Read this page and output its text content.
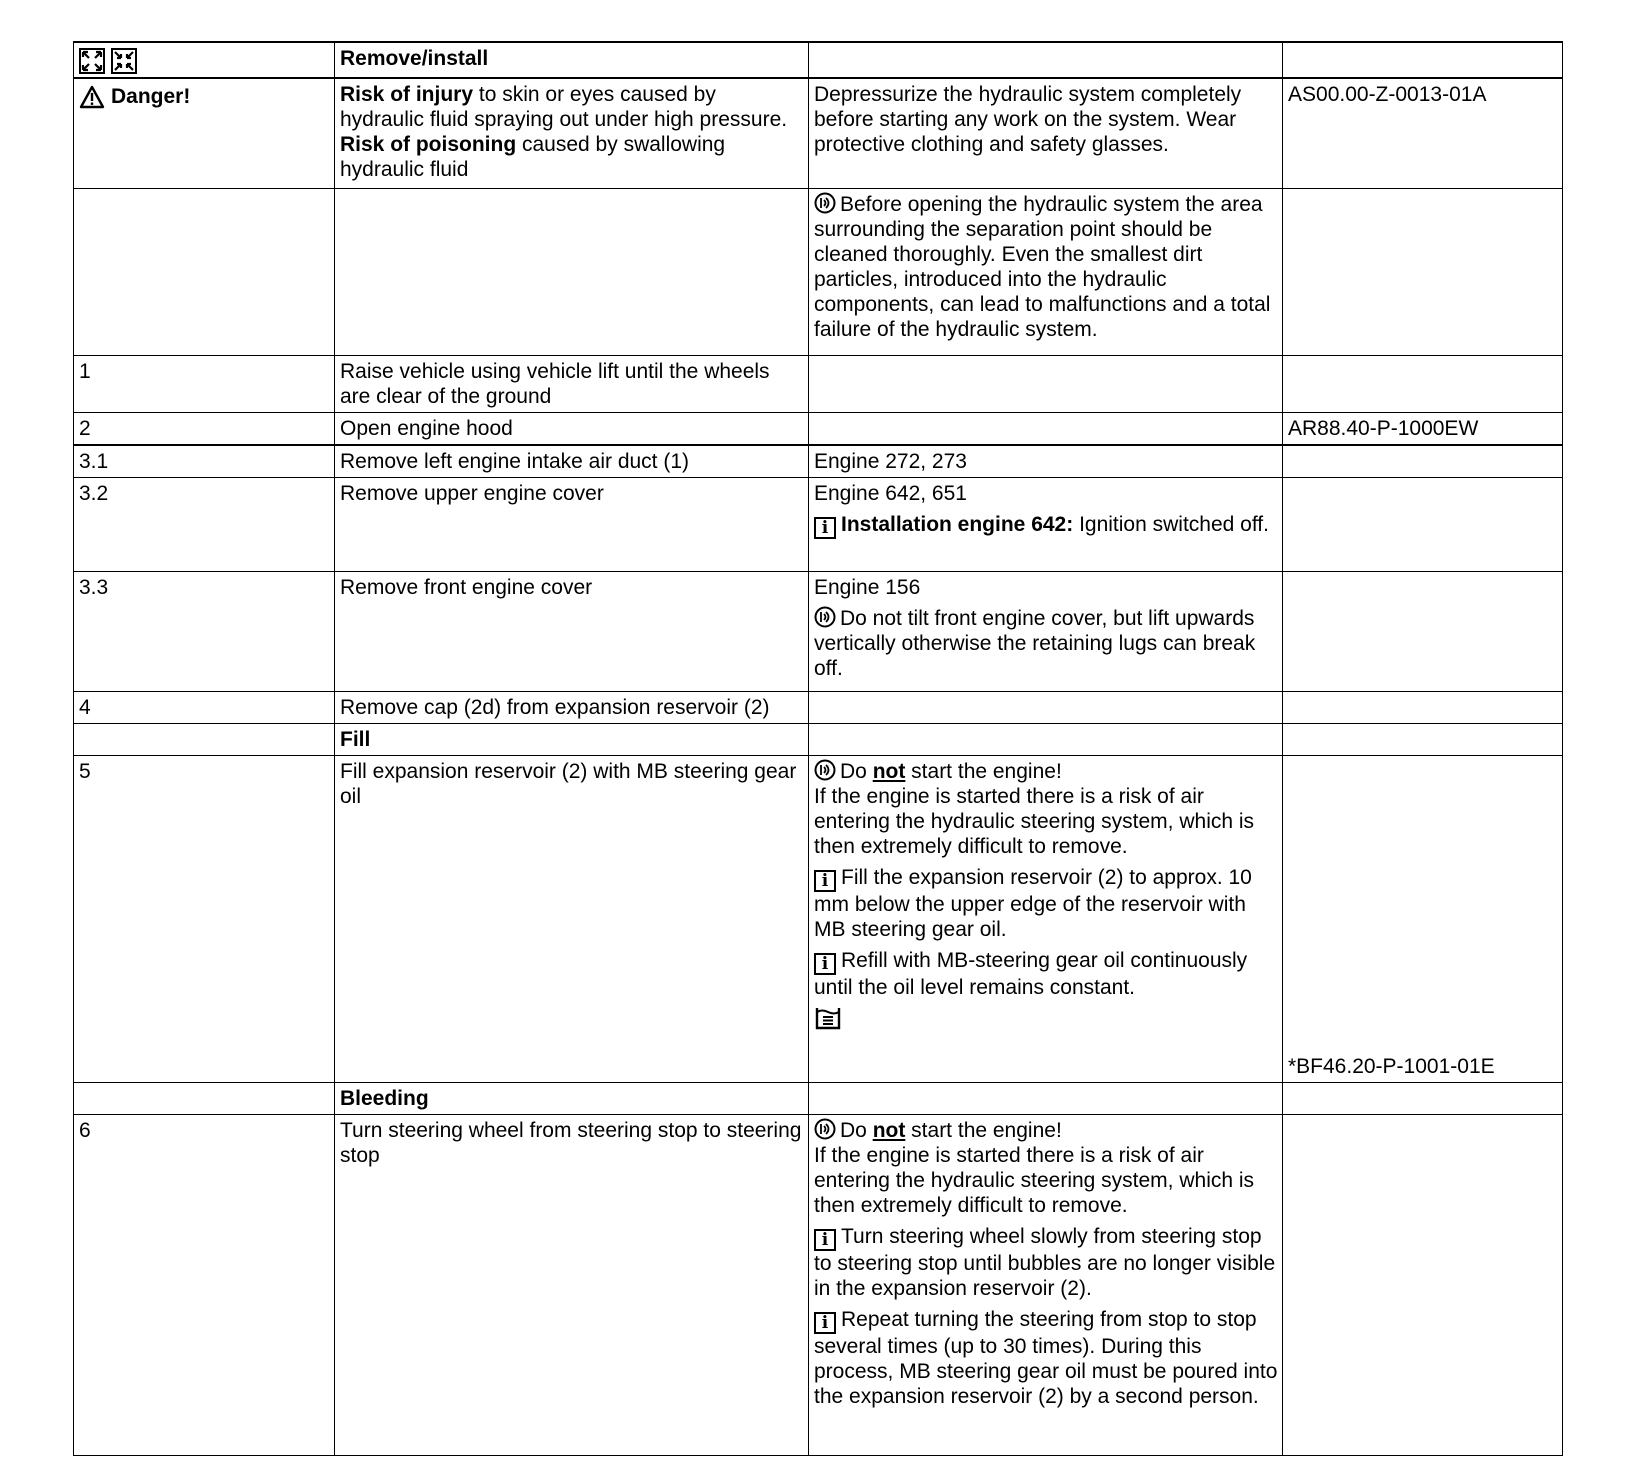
	Remove/install		

Danger!	Risk of injury to skin or eyes caused by hydraulic fluid spraying out under high pressure. Risk of poisoning caused by swallowing hydraulic fluid	Depressurize the hydraulic system completely before starting any work on the system. Wear protective clothing and safety glasses.	AS00.00-Z-0013-01A
		Before opening the hydraulic system the area surrounding the separation point should be cleaned thoroughly. Even the smallest dirt particles, introduced into the hydraulic components, can lead to malfunctions and a total failure of the hydraulic system.	
1	Raise vehicle using vehicle lift until the wheels are clear of the ground		
2	Open engine hood		AR88.40-P-1000EW
3.1	Remove left engine intake air duct (1)	Engine 272, 273	
3.2	Remove upper engine cover	Engine 642, 651
i Installation engine 642: Ignition switched off.	

3.3	Remove front engine cover	Engine 156
Do not tilt front engine cover, but lift upwards vertically otherwise the retaining lugs can break off.	

4	Remove cap (2d) from expansion reservoir (2)		
	Fill		
5	Fill expansion reservoir (2) with MB steering gear oil	Do not start the engine!
If the engine is started there is a risk of air entering the hydraulic steering system, which is then extremely difficult to remove.
i Fill the expansion reservoir (2) to approx. 10 mm below the upper edge of the reservoir with MB steering gear oil.
i Refill with MB-steering gear oil continuously until the oil level remains constant.	*BF46.20-P-1001-01E
	Bleeding		
6	Turn steering wheel from steering stop to steering stop	Do not start the engine!
If the engine is started there is a risk of air entering the hydraulic steering system, which is then extremely difficult to remove.
i Turn steering wheel slowly from steering stop to steering stop until bubbles are no longer visible in the expansion reservoir (2).
i Repeat turning the steering from stop to stop several times (up to 30 times). During this process, MB steering gear oil must be poured into the expansion reservoir (2) by a second person.	
